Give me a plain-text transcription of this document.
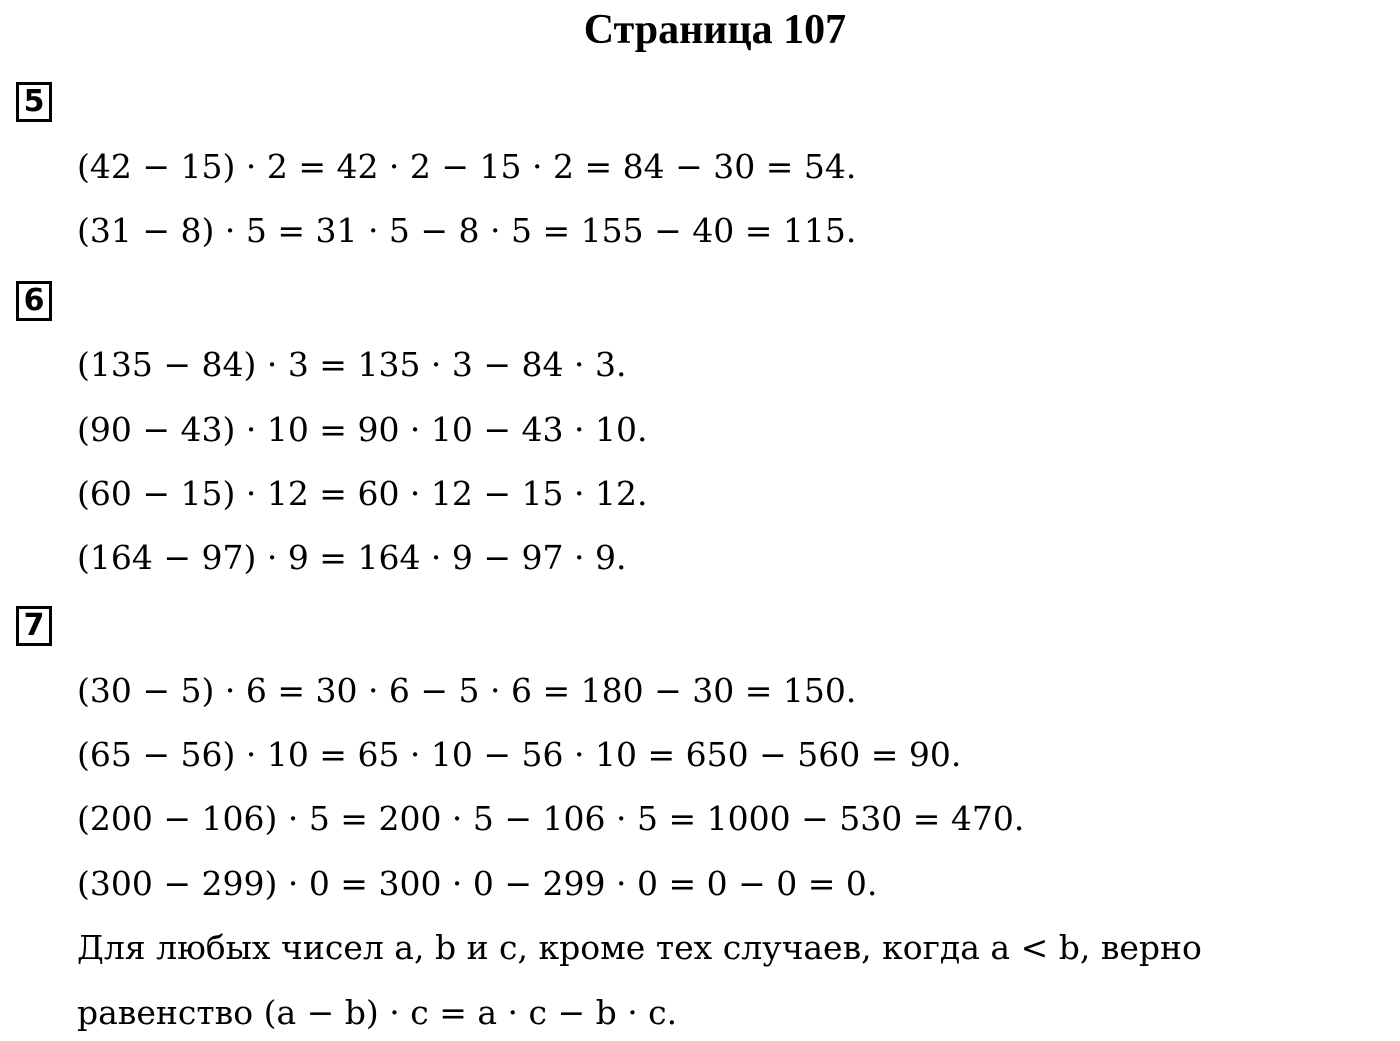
Страница 107
5

(42 − 15) · 2 = 42 · 2 − 15 · 2 = 84 − 30 = 54.

(31 − 8) · 5 = 31 · 5 − 8 · 5 = 155 − 40 = 115.

6

(135 − 84) · 3 = 135 · 3 − 84 · 3.

(90 − 43) · 10 = 90 · 10 − 43 · 10.

(60 − 15) · 12 = 60 · 12 − 15 · 12.

(164 − 97) · 9 = 164 · 9 − 97 · 9.

7

(30 − 5) · 6 = 30 · 6 − 5 · 6 = 180 − 30 = 150.

(65 − 56) · 10 = 65 · 10 − 56 · 10 = 650 − 560 = 90.

(200 − 106) · 5 = 200 · 5 − 106 · 5 = 1000 − 530 = 470.

(300 − 299) · 0 = 300 · 0 − 299 · 0 = 0 − 0 = 0.

Для любых чисел a, b и c, кроме тех случаев, когда a < b, верно

равенство (a − b) · c = a · c − b · c.
